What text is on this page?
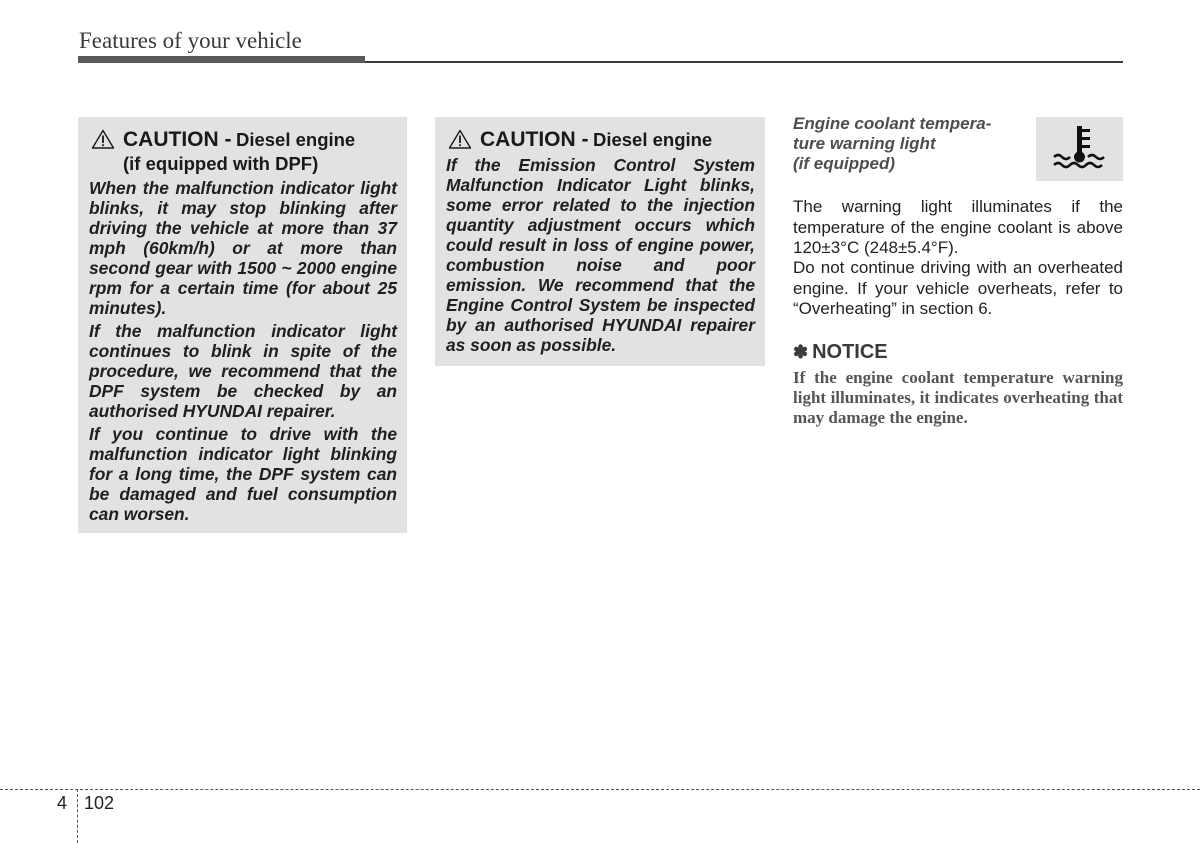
Features of your vehicle
CAUTION - Diesel engine
(if equipped with DPF)

When the malfunction indicator light blinks, it may stop blinking after driving the vehicle at more than 37 mph (60km/h) or at more than second gear with 1500 ~ 2000 engine rpm for a certain time (for about 25 minutes).

If the malfunction indicator light continues to blink in spite of the procedure, we recommend that the DPF system be checked by an authorised HYUNDAI repairer.

If you continue to drive with the malfunction indicator light blinking for a long time, the DPF system can be damaged and fuel consumption can worsen.

CAUTION - Diesel engine

If the Emission Control System Malfunction Indicator Light blinks, some error related to the injection quantity adjustment occurs which could result in loss of engine power, combustion noise and poor emission. We recommend that the Engine Control System be inspected by an authorised HYUNDAI repairer as soon as possible.

Engine coolant tempera-
ture warning light
(if equipped)

The warning light illuminates if the temperature of the engine coolant is above 120±3°C (248±5.4°F).

Do not continue driving with an overheated engine. If your vehicle overheats, refer to “Overheating” in section 6.

✽ NOTICE

If the engine coolant temperature warning light illuminates, it indicates overheating that may damage the engine.

4 102
